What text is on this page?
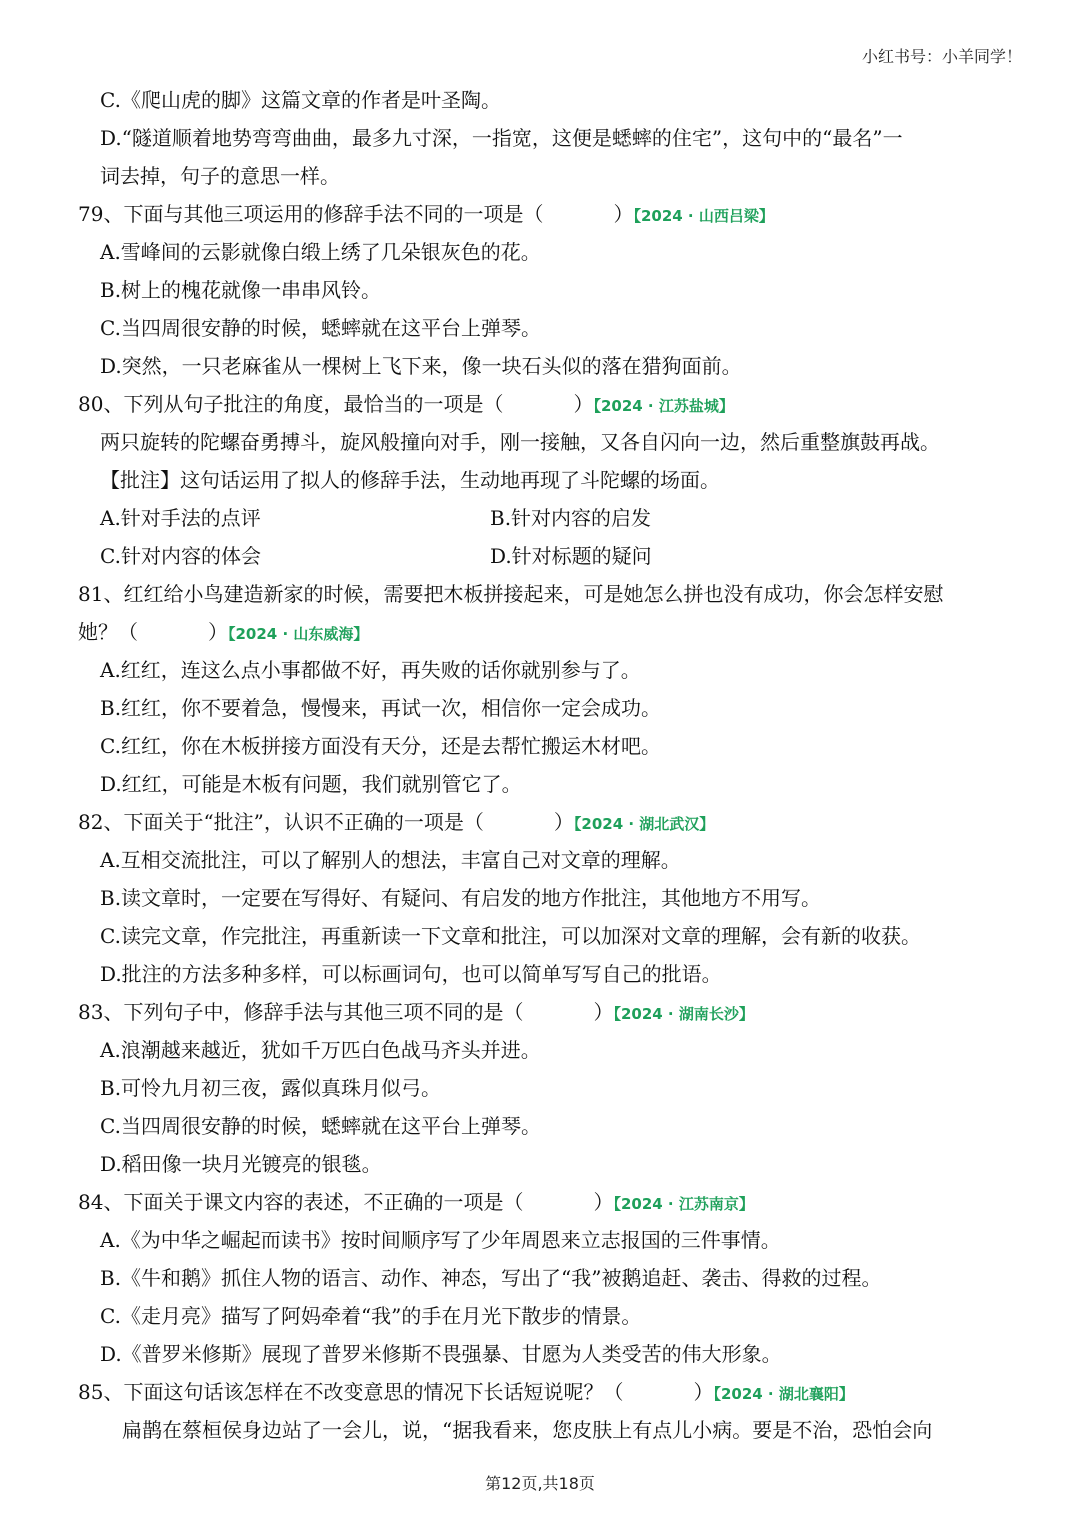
小红书号：小羊同学！
C.《爬山虎的脚》这篇文章的作者是叶圣陶。
D.“隧道顺着地势弯弯曲曲，最多九寸深，一指宽，这便是蟋蟀的住宅”，这句中的“最名”一
词去掉，句子的意思一样。
79、下面与其他三项运用的修辞手法不同的一项是（	）【2024 · 山西吕梁】
A.雪峰间的云影就像白缎上绣了几朵银灰色的花。
B.树上的槐花就像一串串风铃。
C.当四周很安静的时候，蟋蟀就在这平台上弹琴。
D.突然，一只老麻雀从一棵树上飞下来，像一块石头似的落在猎狗面前。
80、下列从句子批注的角度，最恰当的一项是（	）【2024 · 江苏盐城】
两只旋转的陀螺奋勇搏斗，旋风般撞向对手，刚一接触，又各自闪向一边，然后重整旗鼓再战。
【批注】这句话运用了拟人的修辞手法，生动地再现了斗陀螺的场面。
A.针对手法的点评	B.针对内容的启发
C.针对内容的体会	D.针对标题的疑问
81、红红给小鸟建造新家的时候，需要把木板拼接起来，可是她怎么拼也没有成功，你会怎样安慰
她？（	）【2024 · 山东威海】
A.红红，连这么点小事都做不好，再失败的话你就别参与了。
B.红红，你不要着急，慢慢来，再试一次，相信你一定会成功。
C.红红，你在木板拼接方面没有天分，还是去帮忙搬运木材吧。
D.红红，可能是木板有问题，我们就别管它了。
82、下面关于“批注”，认识不正确的一项是（	）【2024 · 湖北武汉】
A.互相交流批注，可以了解别人的想法，丰富自己对文章的理解。
B.读文章时，一定要在写得好、有疑问、有启发的地方作批注，其他地方不用写。
C.读完文章，作完批注，再重新读一下文章和批注，可以加深对文章的理解，会有新的收获。
D.批注的方法多种多样，可以标画词句，也可以简单写写自己的批语。
83、下列句子中，修辞手法与其他三项不同的是（	）【2024 · 湖南长沙】
A.浪潮越来越近，犹如千万匹白色战马齐头并进。
B.可怜九月初三夜，露似真珠月似弓。
C.当四周很安静的时候，蟋蟀就在这平台上弹琴。
D.稻田像一块月光镀亮的银毯。
84、下面关于课文内容的表述，不正确的一项是（	）【2024 · 江苏南京】
A.《为中华之崛起而读书》按时间顺序写了少年周恩来立志报国的三件事情。
B.《牛和鹅》抓住人物的语言、动作、神态，写出了“我”被鹅追赶、袭击、得救的过程。
C.《走月亮》描写了阿妈牵着“我”的手在月光下散步的情景。
D.《普罗米修斯》展现了普罗米修斯不畏强暴、甘愿为人类受苦的伟大形象。
85、下面这句话该怎样在不改变意思的情况下长话短说呢？（	）【2024 · 湖北襄阳】
扁鹊在蔡桓侯身边站了一会儿，说，“据我看来，您皮肤上有点儿小病。要是不治，恐怕会向
第12页,共18页
